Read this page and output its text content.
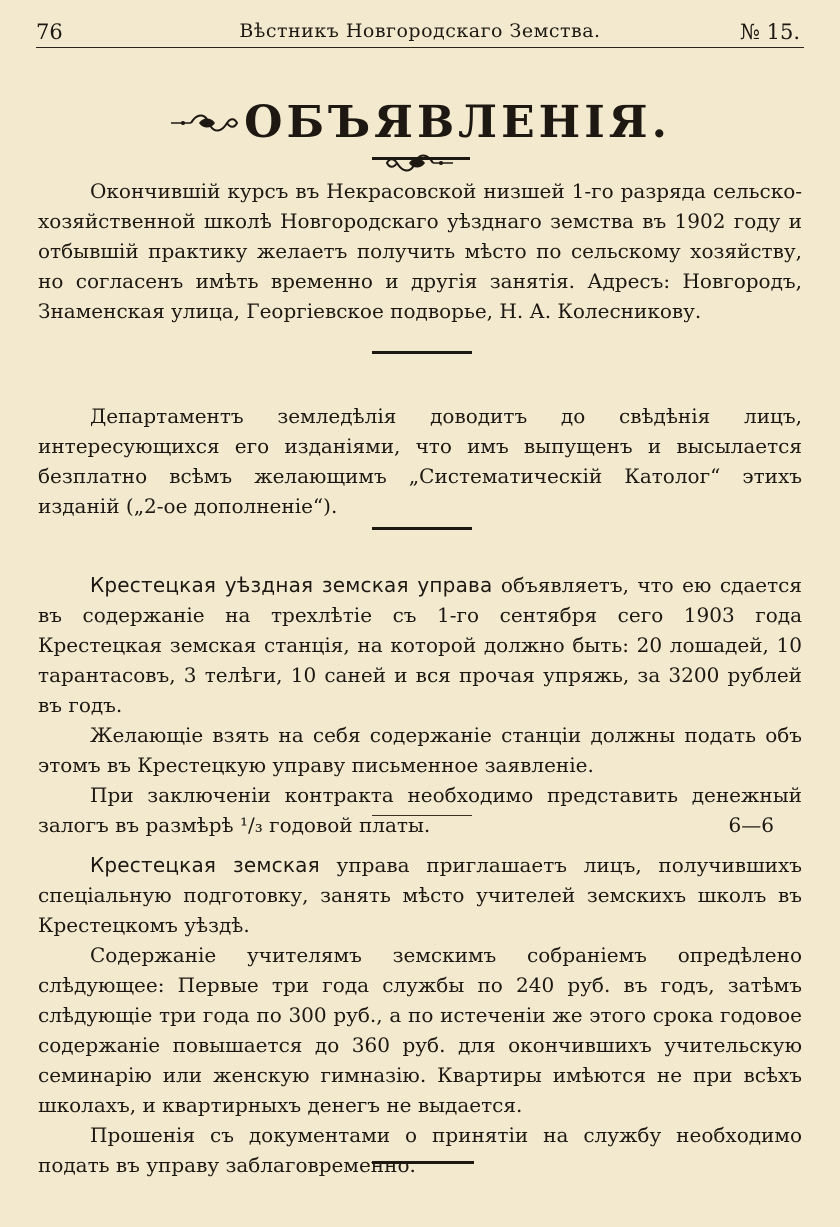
76	Вѣстникъ Новгородскаго Земства.	№ 15.
ОБЪЯВЛЕНІЯ.

Окончившій курсъ въ Некрасовской низшей 1-го разряда сельско-хозяйственной школѣ Новгородскаго уѣзднаго земства въ 1902 году и отбывшій практику желаетъ получить мѣсто по сельскому хозяйству, но согласенъ имѣть временно и другія занятія. Адресъ: Новгородъ, Знаменская улица, Георгіевское подворье, Н. А. Колесникову.

Департаментъ земледѣлія доводитъ до свѣдѣнія лицъ, интересующихся его изданіями, что имъ выпущенъ и высылается безплатно всѣмъ желающимъ „Систематическій Католог“ этихъ изданій („2-ое дополненіе“).

Крестецкая уѣздная земская управа объявляетъ, что ею сдается въ содержаніе на трехлѣтіе съ 1-го сентября сего 1903 года Крестецкая земская станція, на которой должно быть: 20 лошадей, 10 тарантасовъ, 3 телѣги, 10 саней и вся прочая упряжь, за 3200 рублей въ годъ.

Желающіе взять на себя содержаніе станціи должны подать объ этомъ въ Крестецкую управу письменное заявленіе.

При заключеніи контракта необходимо представить денежный залогъ въ размѣрѣ ¹/₃ годовой платы.	6—6

Крестецкая земская управа приглашаетъ лицъ, получившихъ спеціальную подготовку, занять мѣсто учителей земскихъ школъ въ Крестецкомъ уѣздѣ.

Содержаніе учителямъ земскимъ собраніемъ опредѣлено слѣдующее: Первые три года службы по 240 руб. въ годъ, затѣмъ слѣдующіе три года по 300 руб., а по истеченіи же этого срока годовое содержаніе повышается до 360 руб. для окончившихъ учительскую семинарію или женскую гимназію. Квартиры имѣются не при всѣхъ школахъ, и квартирныхъ денегъ не выдается.

Прошенія съ документами о принятіи на службу необходимо подать въ управу заблаговременно.
